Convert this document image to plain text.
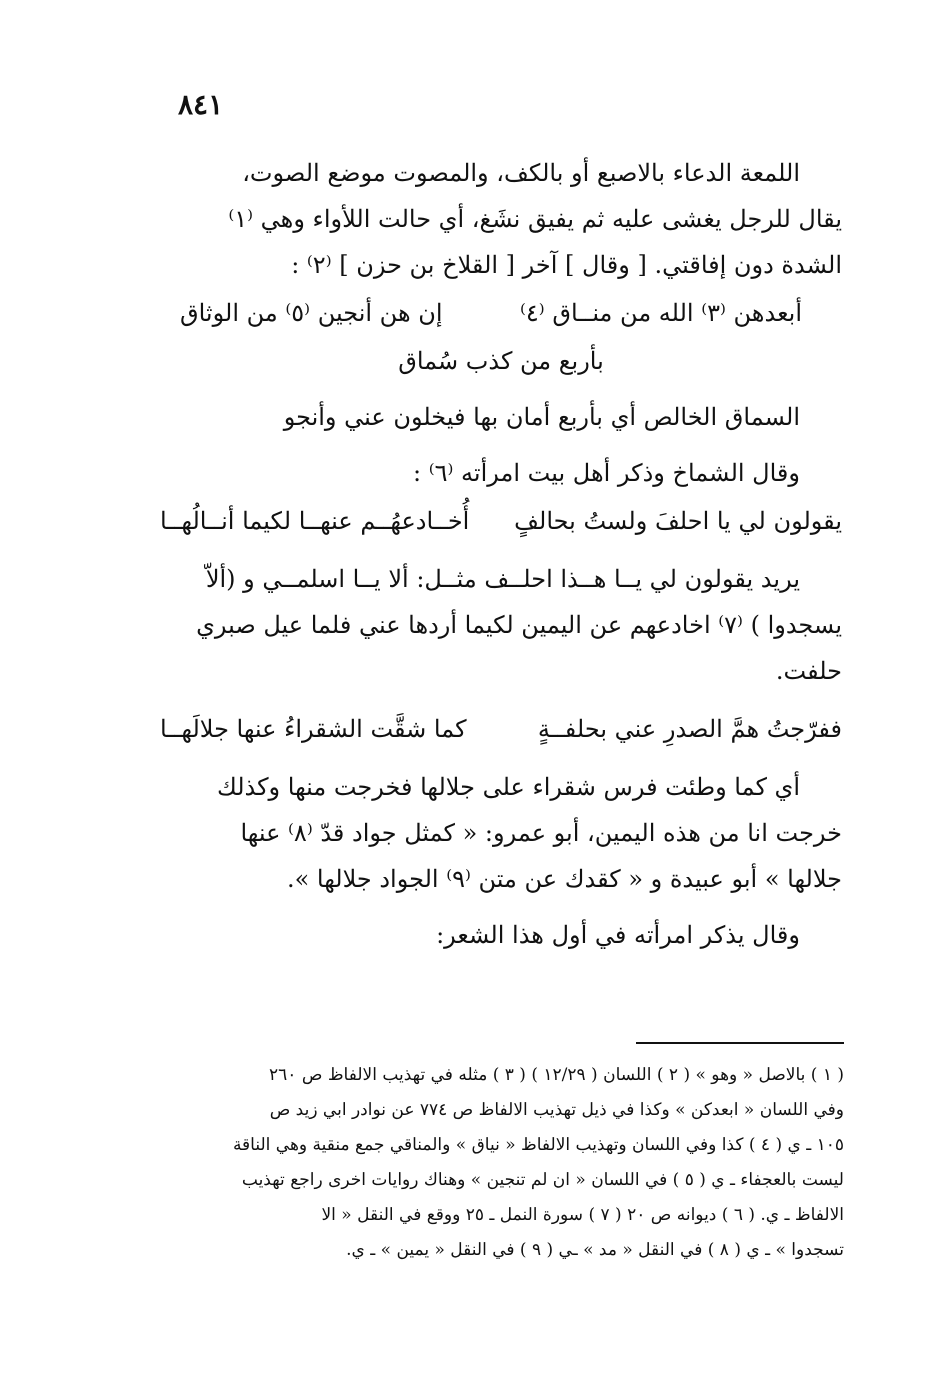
٨٤١
اللمعة الدعاء بالاصبع أو بالكف، والمصوت موضع الصوت،
يقال للرجل يغشى عليه ثم يفيق نشَغ، أي حالت اللأواء وهي ⁽١⁾
الشدة دون إفاقتي. [ وقال ] آخر [ القلاخ بن حزن ] ⁽٢⁾ :
أبعدهن ⁽٣⁾ الله من منــاق ⁽٤⁾
إن هن أنجين ⁽٥⁾ من الوثاق
بأربع من كذب سُماق
السماق الخالص أي بأربع أمان بها فيخلون عني وأنجو
وقال الشماخ وذكر أهل بيت امرأته ⁽٦⁾ :
يقولون لي يا احلفَ ولستُ بحالفٍ
أُخــادعهُــم عنهــا لكيما أنــالُهــا
يريد يقولون لي يــا هــذا احلــف مثــل: ألا يــا اسلمــي و (ألاّ
يسجدوا ) ⁽٧⁾ اخادعهم عن اليمين لكيما أردها عني فلما عيل صبري
حلفت.
ففرّجتُ همَّ الصدرِ عني بحلفــةٍ
كما شقَّت الشقراءُ عنها جلالَهــا
أي كما وطئت فرس شقراء على جلالها فخرجت منها وكذلك
خرجت انا من هذه اليمين، أبو عمرو: « كمثل جواد قدّ ⁽٨⁾ عنها
جلالها » أبو عبيدة و « كقدك عن متن ⁽٩⁾ الجواد جلالها ».
وقال يذكر امرأته في أول هذا الشعر:
( ١ ) بالاصل « وهو » ( ٢ ) اللسان ( ١٢/٢٩ ) ( ٣ ) مثله في تهذيب الالفاظ ص ٢٦٠
وفي اللسان « ابعدكن » وكذا في ذيل تهذيب الالفاظ ص ٧٧٤ عن نوادر ابي زيد ص
١٠٥ ـ ي ( ٤ ) كذا وفي اللسان وتهذيب الالفاظ « نياق » والمناقي جمع منقية وهي الناقة
ليست بالعجفاء ـ ي ( ٥ ) في اللسان « ان لم تنجين » وهناك روايات اخرى راجع تهذيب
الالفاظ ـ ي. ( ٦ ) ديوانه ص ٢٠ ( ٧ ) سورة النمل ـ ٢٥ ووقع في النقل « الا
تسجدوا » ـ ي ( ٨ ) في النقل « مد » ـي ( ٩ ) في النقل « يمين » ـ ي.
